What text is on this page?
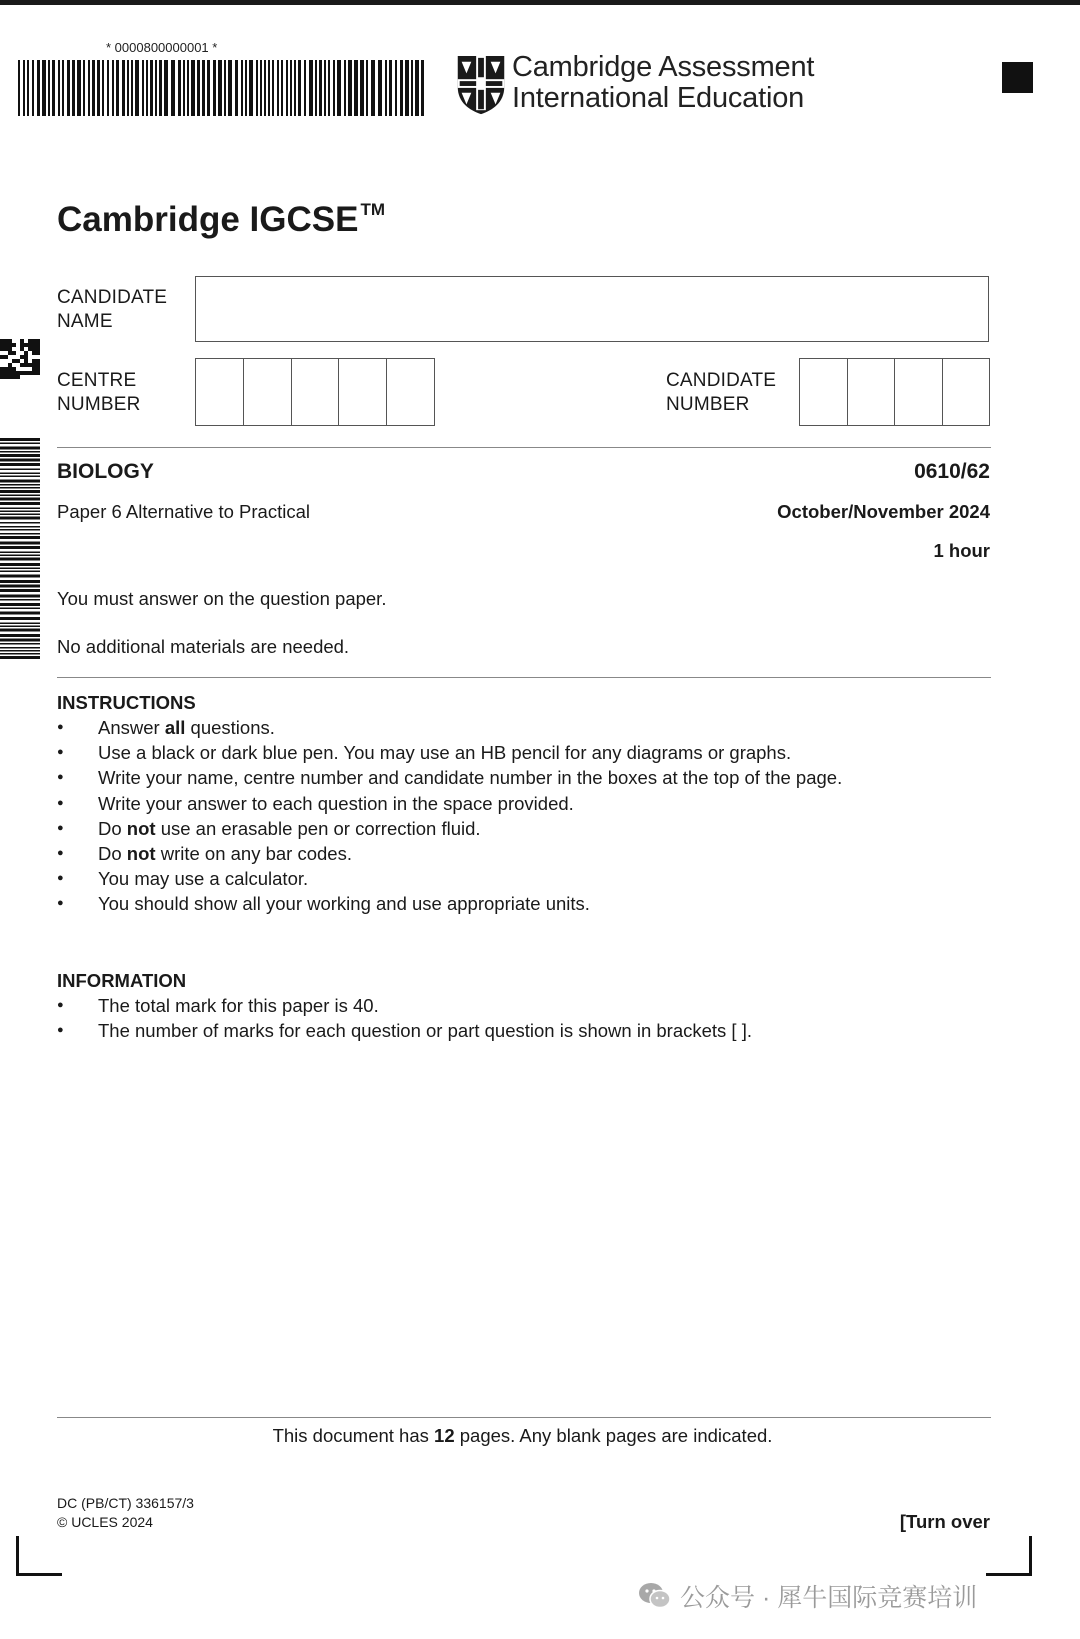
* 0000800000001 *
Cambridge Assessment
International Education
Cambridge IGCSE ™
CANDIDATE
NAME
CENTRE
NUMBER
CANDIDATE
NUMBER
BIOLOGY	0610/62
Paper 6 Alternative to Practical	October/November 2024
1 hour
You must answer on the question paper.
No additional materials are needed.
INSTRUCTIONS
● Answer all questions.
● Use a black or dark blue pen. You may use an HB pencil for any diagrams or graphs.
● Write your name, centre number and candidate number in the boxes at the top of the page.
● Write your answer to each question in the space provided.
● Do not use an erasable pen or correction fluid.
● Do not write on any bar codes.
● You may use a calculator.
● You should show all your working and use appropriate units.
INFORMATION
● The total mark for this paper is 40.
● The number of marks for each question or part question is shown in brackets [ ].
This document has 12 pages. Any blank pages are indicated.
DC (PB/CT) 336157/3
© UCLES 2024	[Turn over
公众号 · 犀牛国际竞赛培训
